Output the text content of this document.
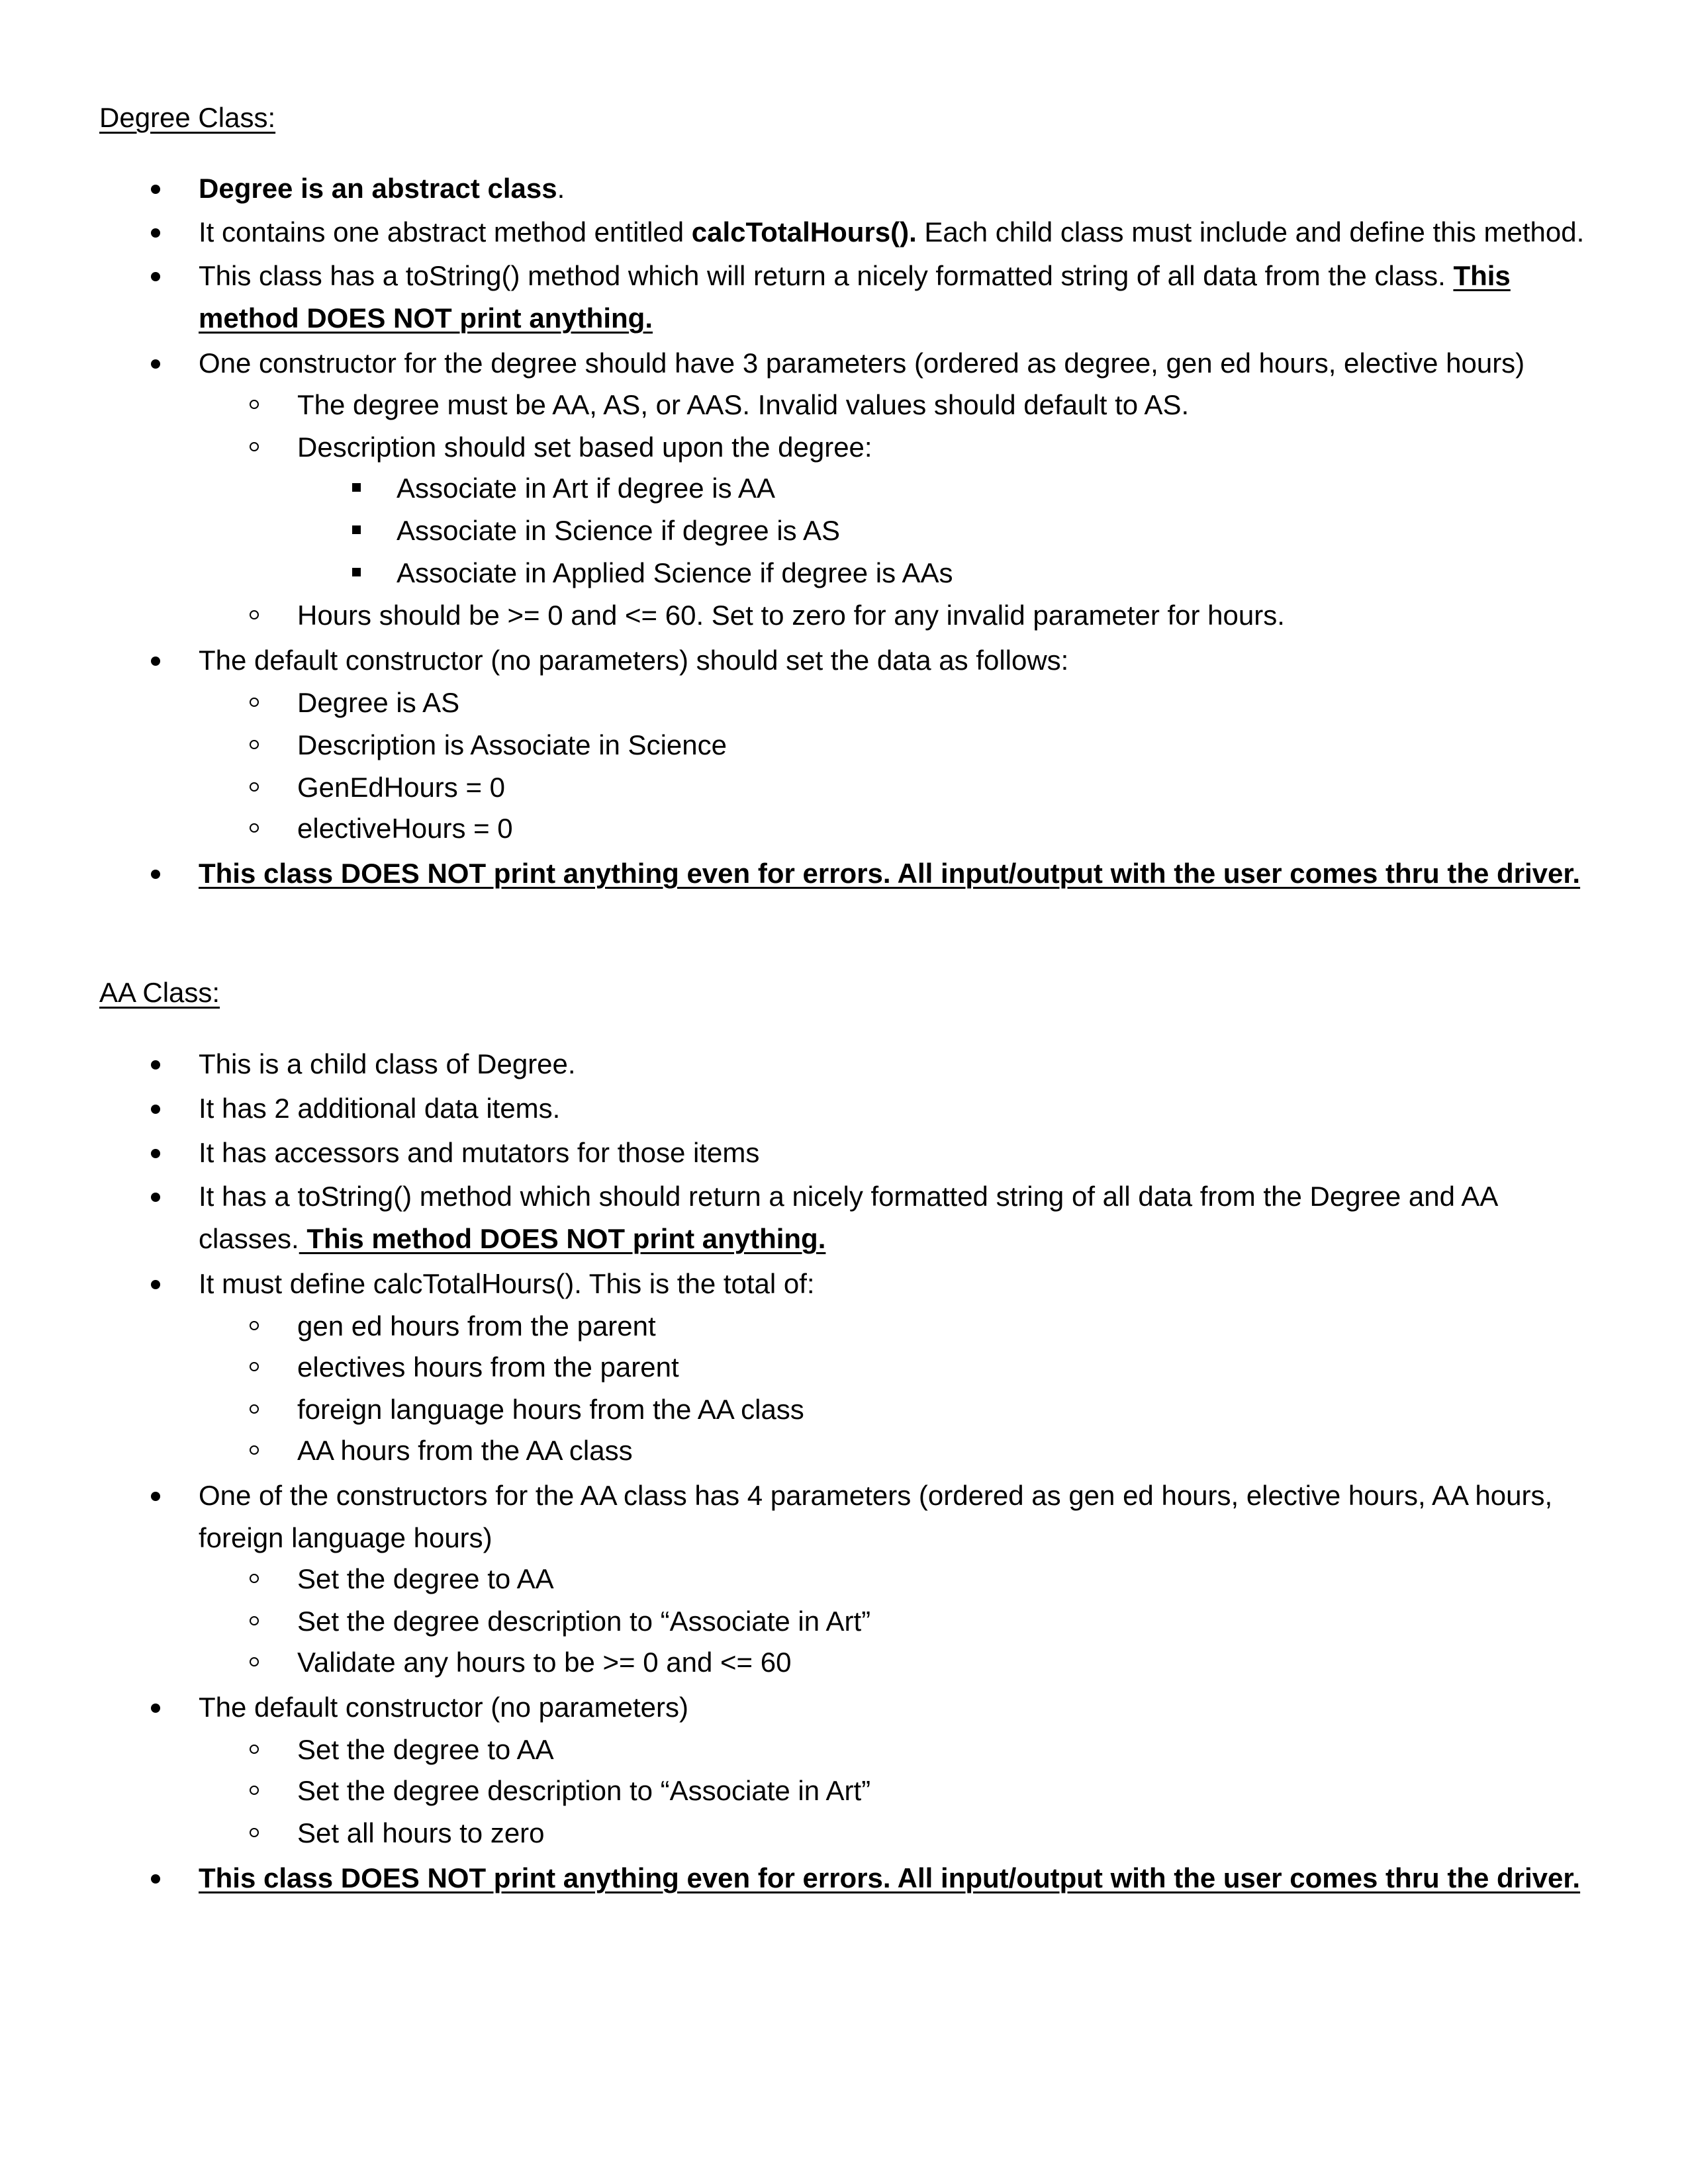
Degree Class:
Degree is an abstract class.
It contains one abstract method entitled calcTotalHours(). Each child class must include and define this method.
This class has a toString() method which will return a nicely formatted string of all data from the class. This
method DOES NOT print anything.
One constructor for the degree should have 3 parameters (ordered as degree, gen ed hours, elective hours)
The degree must be AA, AS, or AAS. Invalid values should default to AS.
Description should set based upon the degree:
Associate in Art if degree is AA
Associate in Science if degree is AS
Associate in Applied Science if degree is AAs
Hours should be >= 0 and <= 60. Set to zero for any invalid parameter for hours.
The default constructor (no parameters) should set the data as follows:
Degree is AS
Description is Associate in Science
GenEdHours = 0
electiveHours = 0
This class DOES NOT print anything even for errors. All input/output with the user comes thru the driver.
AA Class:
This is a child class of Degree.
It has 2 additional data items.
It has accessors and mutators for those items
It has a toString() method which should return a nicely formatted string of all data from the Degree and AA
classes. This method DOES NOT print anything.
It must define calcTotalHours(). This is the total of:
gen ed hours from the parent
electives hours from the parent
foreign language hours from the AA class
AA hours from the AA class
One of the constructors for the AA class has 4 parameters (ordered as gen ed hours, elective hours, AA hours,
foreign language hours)
Set the degree to AA
Set the degree description to “Associate in Art”
Validate any hours to be >= 0 and <= 60
The default constructor (no parameters)
Set the degree to AA
Set the degree description to “Associate in Art”
Set all hours to zero
This class DOES NOT print anything even for errors. All input/output with the user comes thru the driver.
